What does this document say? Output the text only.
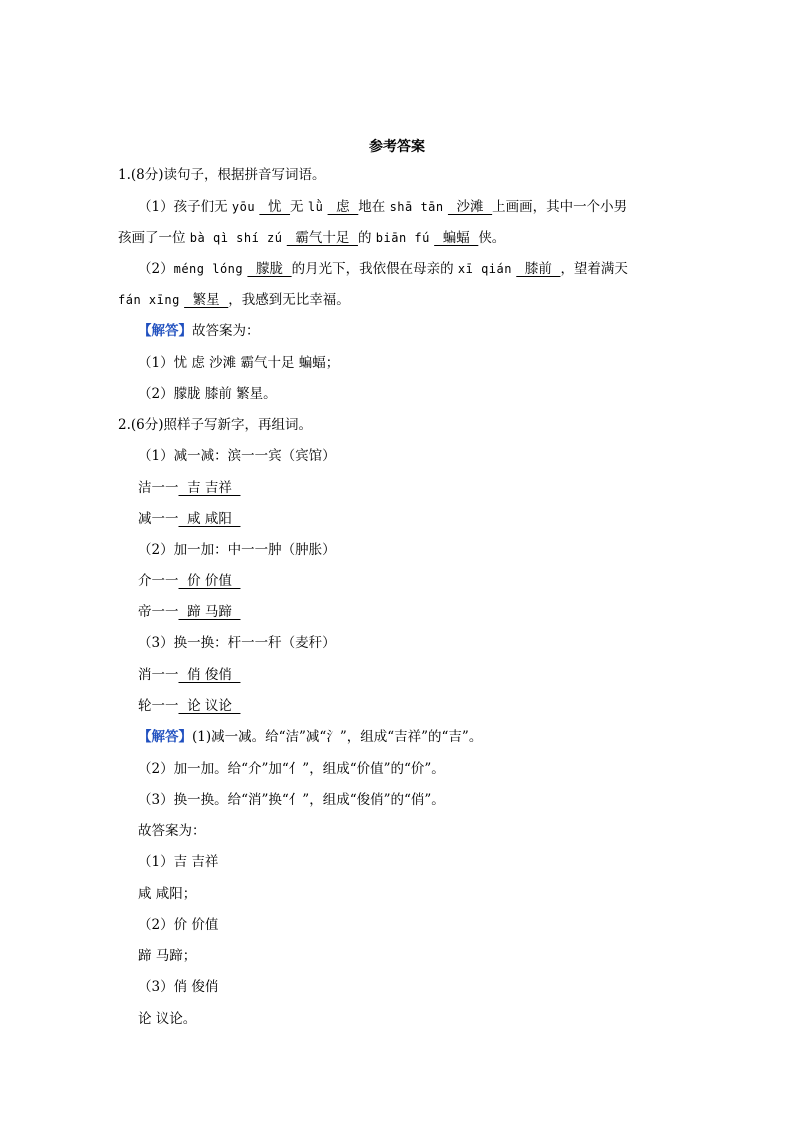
参考答案
1.(8分)读句子，根据拼音写词语。
（1）孩子们无 yōu   忧  无 lǜ   虑  地在 shā tān   沙滩  上画画，其中一个小男
孩画了一位 bà qì shí zú   霸气十足  的 biān fú   蝙蝠  侠。
（2）méng lóng   朦胧  的月光下，我依偎在母亲的 xī qián   膝前  ，望着满天
fán xīng   繁星  ，我感到无比幸福。
【解答】故答案为：
（1）忧 虑 沙滩 霸气十足 蝙蝠；
（2）朦胧 膝前 繁星。
2.(6分)照样子写新字，再组词。
（1）减一减：滨一一宾（宾馆）
洁一一  吉 吉祥
减一一  咸 咸阳
（2）加一加：中一一肿（肿胀）
介一一  价 价值
帝一一  蹄 马蹄
（3）换一换：杆一一秆（麦秆）
消一一  俏 俊俏
轮一一  论 议论
【解答】(1)减一减。给“洁”减“氵”，组成“吉祥”的“吉”。
（2）加一加。给“介”加“亻”，组成“价值”的“价”。
（3）换一换。给“消”换“亻”，组成“俊俏”的“俏”。
故答案为：
（1）吉 吉祥
咸 咸阳；
（2）价 价值
蹄 马蹄；
（3）俏 俊俏
论 议论。
